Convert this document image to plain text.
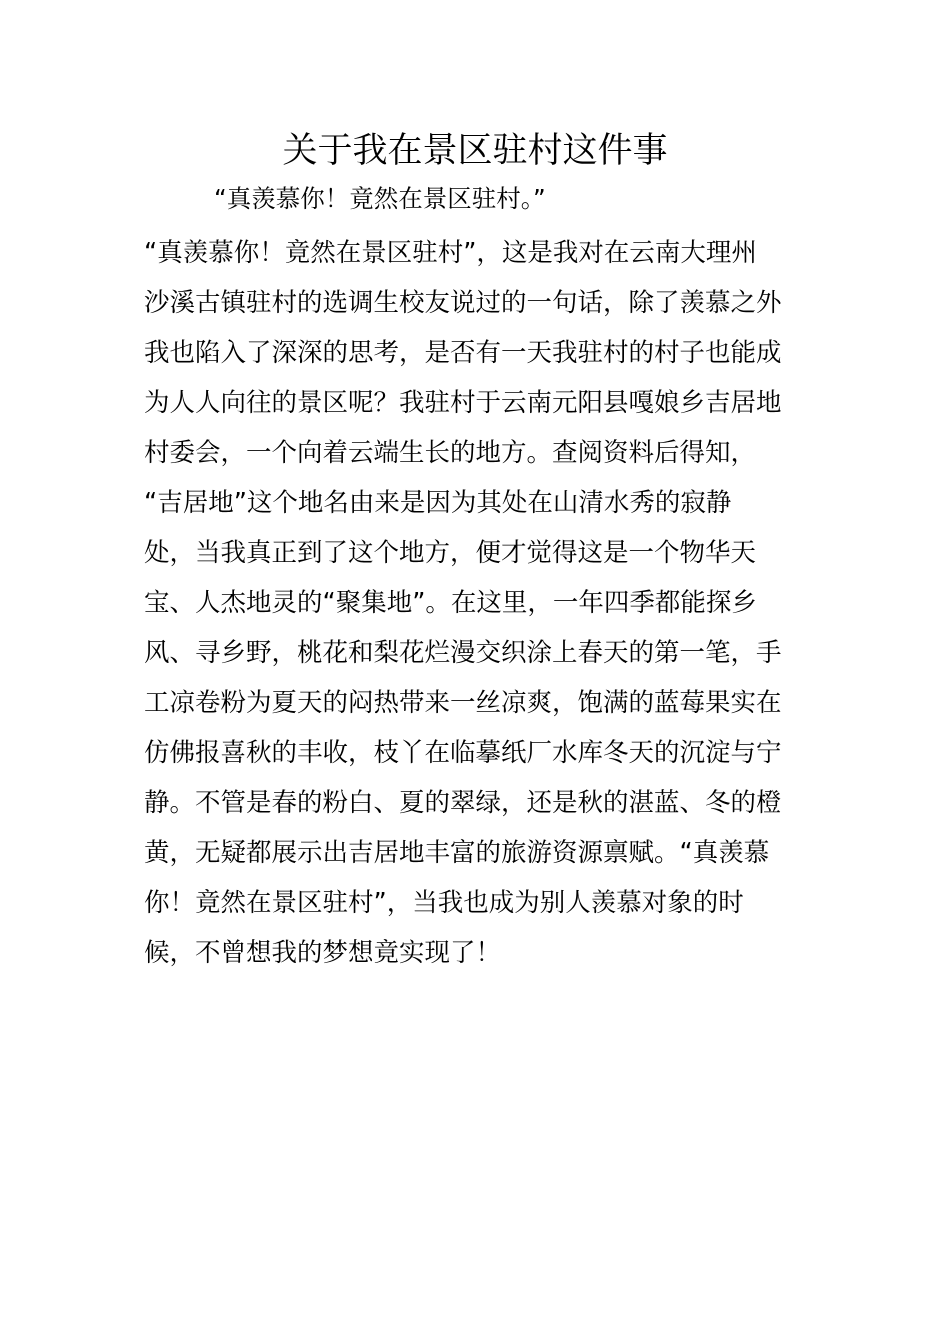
关于我在景区驻村这件事
“真羡慕你！竟然在景区驻村。”
“真羡慕你！竟然在景区驻村”，这是我对在云南大理州
沙溪古镇驻村的选调生校友说过的一句话，除了羡慕之外
我也陷入了深深的思考，是否有一天我驻村的村子也能成
为人人向往的景区呢？我驻村于云南元阳县嘎娘乡吉居地
村委会，一个向着云端生长的地方。查阅资料后得知，
“吉居地”这个地名由来是因为其处在山清水秀的寂静
处，当我真正到了这个地方，便才觉得这是一个物华天
宝、人杰地灵的“聚集地”。在这里，一年四季都能探乡
风、寻乡野，桃花和梨花烂漫交织涂上春天的第一笔，手
工凉卷粉为夏天的闷热带来一丝凉爽，饱满的蓝莓果实在
仿佛报喜秋的丰收，枝丫在临摹纸厂水库冬天的沉淀与宁
静。不管是春的粉白、夏的翠绿，还是秋的湛蓝、冬的橙
黄，无疑都展示出吉居地丰富的旅游资源禀赋。“真羡慕
你！竟然在景区驻村”，当我也成为别人羡慕对象的时
候，不曾想我的梦想竟实现了！
